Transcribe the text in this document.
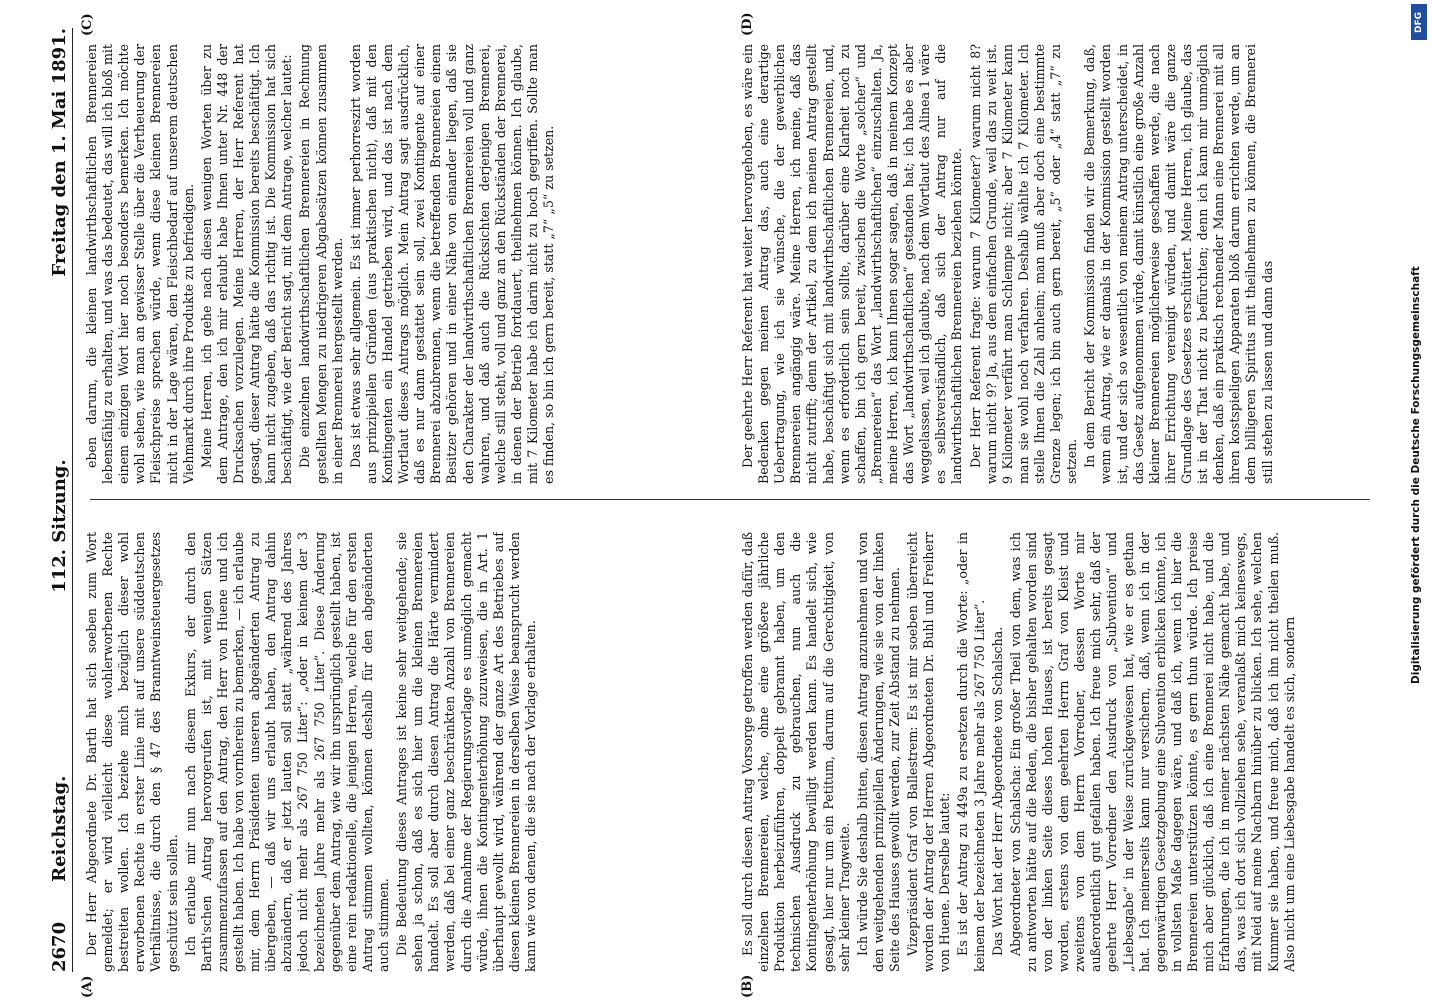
2670
Reichstag.
112. Sitzung.
Freitag den 1. Mai 1891.
(A)	(B)
(C)	(D)

Der Herr Abgeordnete Dr. Barth hat sich soeben zum Wort gemeldet; er wird vielleicht diese wohlerworbenen Rechte bestreiten wollen. Ich beziehe mich bezüglich dieser wohl erworbenen Rechte in erster Linie mit auf unsere süddeutschen Verhältnisse, die durch den § 47 des Branntweinsteuergesetzes geschützt sein sollen. Ich erlaube mir nun nach diesem Exkurs, der durch den Barth'schen Antrag hervorgerufen ist, mit wenigen Sätzen zusammenzufassen auf den Antrag, den Herr von Huene und ich gestellt haben. Ich habe von vornherein zu bemerken, — ich erlaube mir, dem Herrn Präsidenten unseren abgeänderten Antrag zu übergeben, — daß wir uns erlaubt haben, den Antrag dahin abzuändern, daß er jetzt lauten soll statt „während des Jahres jedoch nicht mehr als 267 750 Liter“: „oder in keinem der 3 bezeichneten Jahre mehr als 267 750 Liter“. Diese Änderung gegenüber dem Antrag, wie wir ihn ursprünglich gestellt haben, ist eine rein redaktionelle, die jenigen Herren, welche für den ersten Antrag stimmen wollten, können deshalb für den abgeänderten auch stimmen. Die Bedeutung dieses Antrages ist keine sehr weitgehende; sie sehen ja schon, daß es sich hier um die kleinen Brennereien handelt. Es soll aber durch diesen Antrag die Härte vermindert werden, daß bei einer ganz beschränkten Anzahl von Brennereien durch die Annahme der Regierungsvorlage es unmöglich gemacht würde, ihnen die Kontingenterhöhung zuzuweisen, die in Art. 1 überhaupt gewollt wird, während der ganze Art des Betriebes auf diesen kleinen Brennereien in derselben Weise beansprucht werden kann wie von denen, die sie nach der Vorlage erhalten.	Es soll durch diesen Antrag Vorsorge getroffen werden dafür, daß einzelnen Brennereien, welche, ohne eine größere jährliche Produktion herbeizuführen, doppelt gebrannt haben, um den technischen Ausdruck zu gebrauchen, nun auch die Kontingenterhöhung bewilligt werden kann. Es handelt sich, wie gesagt, hier nur um ein Petitum, darum auf die Gerechtigkeit, von sehr kleiner Tragweite. Ich würde Sie deshalb bitten, diesen Antrag anzunehmen und von den weitgehenden prinzipiellen Änderungen, wie sie von der linken Seite des Hauses gewollt werden, zur Zeit Abstand zu nehmen. Vizepräsident Graf von Ballestrem: Es ist mir soeben überreicht worden der Antrag der Herren Abgeordneten Dr. Buhl und Freiherr von Huene. Derselbe lautet: Es ist der Antrag zu 449a zu ersetzen durch die Worte: „oder in keinem der bezeichneten 3 Jahre mehr als 267 750 Liter“. Das Wort hat der Herr Abgeordnete von Schalscha. Abgeordneter von Schalscha: Ein großer Theil von dem, was ich zu antworten hätte auf die Reden, die bisher gehalten worden sind von der linken Seite dieses hohen Hauses, ist bereits gesagt worden, erstens von dem geehrten Herrn Graf von Kleist und zweitens von dem Herrn Vorredner, dessen Worte mir außerordentlich gut gefallen haben. Ich freue mich sehr, daß der geehrte Herr Vorredner den Ausdruck von „Subvention“ und „Liebesgabe“ in der Weise zurückgewiesen hat, wie er es gethan hat. Ich meinerseits kann nur versichern, daß, wenn ich in der gegenwärtigen Gesetzgebung eine Subvention erblicken könnte, ich in vollsten Maße dagegen wäre, und daß ich, wenn ich hier die Brennereien unterstützen könnte, es gern thun würde. Ich preise mich aber glücklich, daß ich eine Brennerei nicht habe, und die Erfahrungen, die ich in meiner nächsten Nähe gemacht habe, und das, was ich dort sich vollziehen sehe, veranlaßt mich keineswegs, mit Neid auf meine Nachbarn hinüber zu blicken. Ich sehe, welchen Kummer sie haben, und freue mich, daß ich ihn nicht theilen muß. Also nicht um eine Liebesgabe handelt es sich, sondern

eben darum, die kleinen landwirthschaftlichen Brennereien lebensfähig zu erhalten, und was das bedeutet, das will ich bloß mit einem einzigen Wort hier noch besonders bemerken. Ich möchte wohl sehen, wie man an gewisser Stelle über die Vertheuerung der Fleischpreise sprechen würde, wenn diese kleinen Brennereien nicht in der Lage wären, den Fleischbedarf auf unserem deutschen Viehmarkt durch ihre Produkte zu befriedigen. Meine Herren, ich gehe nach diesen wenigen Worten über zu dem Antrage, den ich mir erlaubt habe Ihnen unter Nr. 448 der Drucksachen vorzulegen. Meine Herren, der Herr Referent hat gesagt, dieser Antrag hätte die Kommission bereits beschäftigt. Ich kann nicht zugeben, daß das richtig ist. Die Kommission hat sich beschäftigt, wie der Bericht sagt, mit dem Antrage, welcher lautet: Die einzelnen landwirthschaftlichen Brennereien in Rechnung gestellten Mengen zu niedrigeren Abgabesätzen können zusammen in einer Brennerei hergestellt werden. Das ist etwas sehr allgemein. Es ist immer perhorreszirt worden aus prinzipiellen Gründen (aus praktischen nicht), daß mit den Kontingenten ein Handel getrieben wird, und das ist nach dem Wortlaut dieses Antrags möglich. Mein Antrag sagt ausdrücklich, daß es nur dann gestattet sein soll, zwei Kontingente auf einer Brennerei abzubrennen, wenn die betreffenden Brennereien einem Besitzer gehören und in einer Nähe von einander liegen, daß sie den Charakter der landwirthschaftlichen Brennereien voll und ganz wahren, und daß auch die Rücksichten derjenigen Brennerei, welche still steht, voll und ganz an den Rückständen der Brennerei, in denen der Betrieb fortdauert, theilnehmen können. Ich glaube, mit 7 Kilometer habe ich darin nicht zu hoch gegriffen. Sollte man es finden, so bin ich gern bereit, statt „7“ „5“ zu setzen.	Der geehrte Herr Referent hat weiter hervorgehoben, es wäre ein Bedenken gegen meinen Antrag das, auch eine derartige Uebertragung, wie ich sie wünsche, die der gewerblichen Brennereien angängig wäre. Meine Herren, ich meine, daß das nicht zutrifft; denn der Artikel, zu dem ich meinen Antrag gestellt habe, beschäftigt sich mit landwirthschaftlichen Brennereien, und, wenn es erforderlich sein sollte, darüber eine Klarheit noch zu schaffen, bin ich gern bereit, zwischen die Worte „solcher“ und „Brennereien“ das Wort „landwirthschaftlichen“ einzuschalten. Ja, meine Herren, ich kann Ihnen sogar sagen, daß in meinem Konzept das Wort „landwirthschaftlichen“ gestanden hat; ich habe es aber weggelassen, weil ich glaubte, nach dem Wortlaut des Alinea 1 wäre es selbstverständlich, daß sich der Antrag nur auf die landwirthschaftlichen Brennereien beziehen könnte. Der Herr Referent fragte: warum 7 Kilometer? warum nicht 8? warum nicht 9? Ja, aus dem einfachen Grunde, weil das zu weit ist. 9 Kilometer verfährt man Schlempe nicht; aber 7 Kilometer kann man sie wohl noch verfahren. Deshalb wählte ich 7 Kilometer. Ich stelle Ihnen die Zahl anheim; man muß aber doch eine bestimmte Grenze legen; ich bin auch gern bereit, „5“ oder „4“ statt „7“ zu setzen. In dem Bericht der Kommission finden wir die Bemerkung, daß, wenn ein Antrag, wie er damals in der Kommission gestellt worden ist, und der sich so wesentlich von meinem Antrag unterscheidet, in das Gesetz aufgenommen würde, damit künstlich eine große Anzahl kleiner Brennereien möglicherweise geschaffen werde, die nach ihrer Errichtung vereinigt würden, und damit wäre die ganze Grundlage des Gesetzes erschüttert. Meine Herren, ich glaube, das ist in der That nicht zu befürchten; denn ich kann mir unmöglich denken, daß ein praktisch rechnender Mann eine Brennerei mit all ihren kostspieligen Apparaten bloß darum errichten werde, um an dem billigeren Spiritus mit theilnehmen zu können, die Brennerei still stehen zu lassen und dann das

DFG
Digitalisierung gefördert durch die Deutsche Forschungsgemeinschaft
